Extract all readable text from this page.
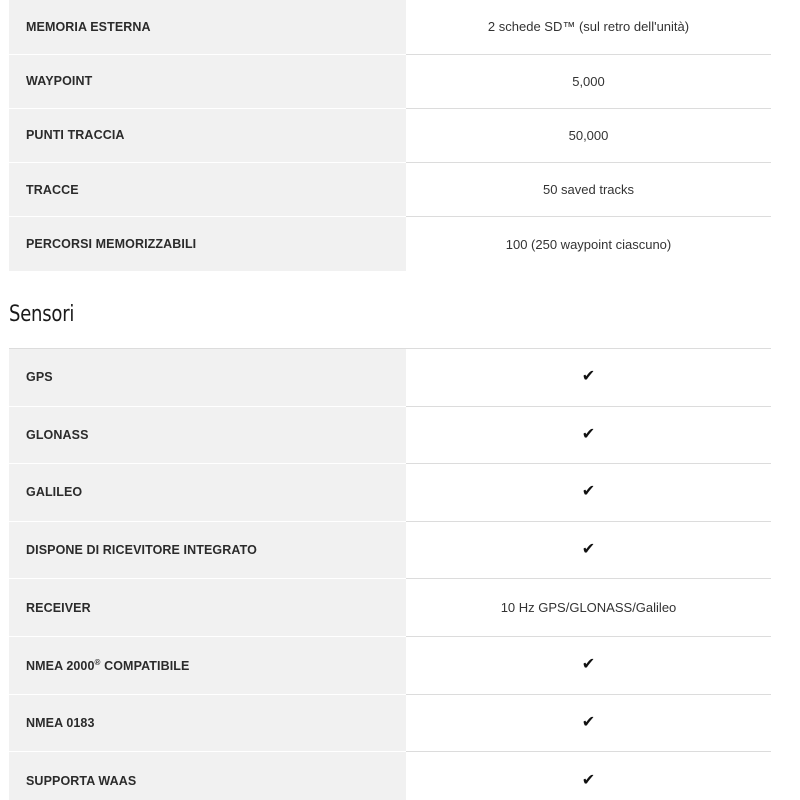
MEMORIA ESTERNA	2 schede SD™ (sul retro dell'unità)
WAYPOINT	5,000
PUNTI TRACCIA	50,000
TRACCE	50 saved tracks
PERCORSI MEMORIZZABILI	100 (250 waypoint ciascuno)
Sensori
GPS	✔
GLONASS	✔
GALILEO	✔
DISPONE DI RICEVITORE INTEGRATO	✔
RECEIVER	10 Hz GPS/GLONASS/Galileo
NMEA 2000® COMPATIBILE	✔
NMEA 0183	✔
SUPPORTA WAAS	✔
